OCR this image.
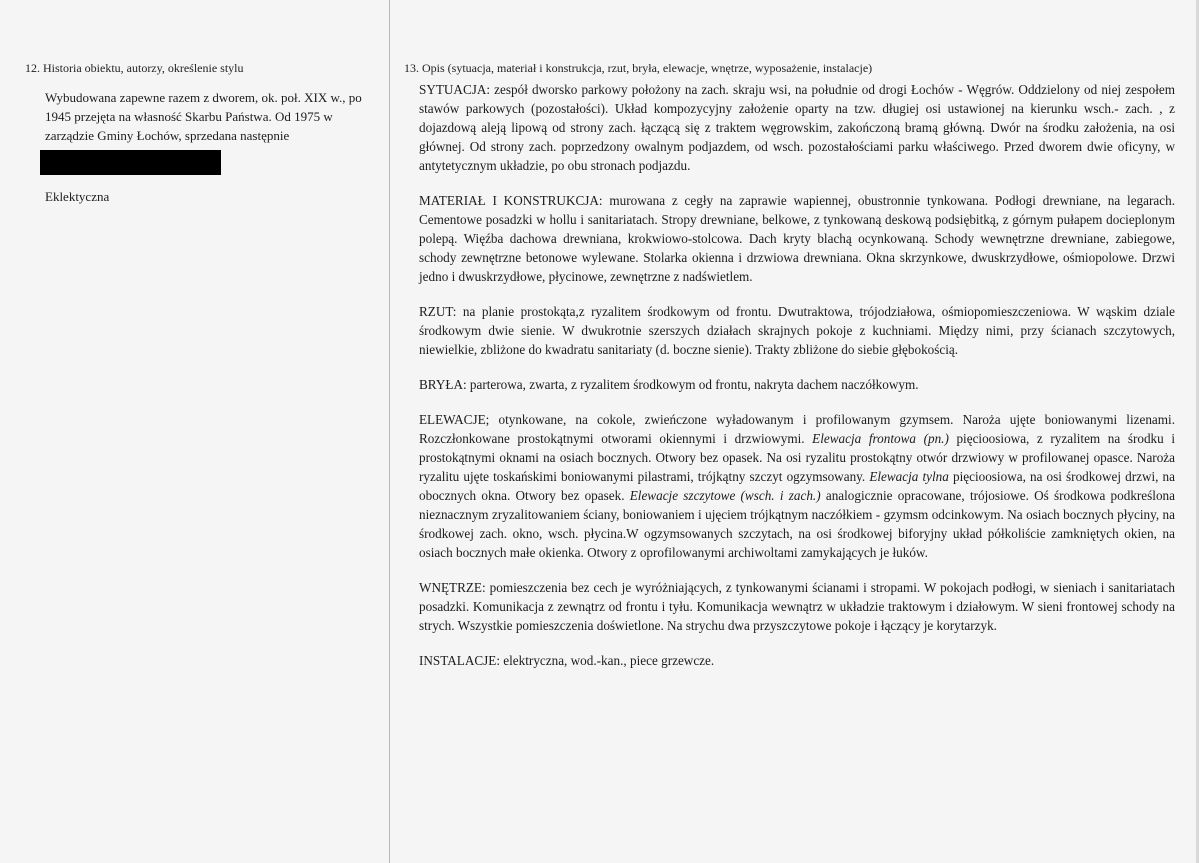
12. Historia obiektu, autorzy, określenie stylu
Wybudowana zapewne razem z dworem, ok. poł. XIX w., po 1945 przejęta na własność Skarbu Państwa. Od 1975 w zarządzie Gminy Łochów, sprzedana następnie
Eklektyczna
13. Opis (sytuacja, materiał i konstrukcja, rzut, bryła, elewacje, wnętrze, wyposażenie, instalacje)

SYTUACJA: zespół dworsko parkowy położony na zach. skraju wsi, na południe od drogi Łochów - Węgrów. Oddzielony od niej zespołem stawów parkowych (pozostałości). Układ kompozycyjny założenie oparty na tzw. długiej osi ustawionej na kierunku wsch.- zach. , z dojazdową aleją lipową od strony zach. łączącą się z traktem węgrowskim, zakończoną bramą główną. Dwór na środku założenia, na osi głównej. Od strony zach. poprzedzony owalnym podjazdem, od wsch. pozostałościami parku właściwego. Przed dworem dwie oficyny, w antytetycznym układzie, po obu stronach podjazdu.

MATERIAŁ I KONSTRUKCJA: murowana z cegły na zaprawie wapiennej, obustronnie tynkowana. Podłogi drewniane, na legarach. Cementowe posadzki w hollu i sanitariatach. Stropy drewniane, belkowe, z tynkowaną deskową podsiębitką, z górnym pułapem docieplonym polepą. Więźba dachowa drewniana, krokwiowo-stolcowa. Dach kryty blachą ocynkowaną. Schody wewnętrzne drewniane, zabiegowe, schody zewnętrzne betonowe wylewane. Stolarka okienna i drzwiowa drewniana. Okna skrzynkowe, dwuskrzydłowe, ośmiopolowe. Drzwi jedno i dwuskrzydłowe, płycinowe, zewnętrzne z nadświetlem.

RZUT: na planie prostokąta,z ryzalitem środkowym od frontu. Dwutraktowa, trójodziałowa, ośmiopomieszczeniowa. W wąskim dziale środkowym dwie sienie. W dwukrotnie szerszych działach skrajnych pokoje z kuchniami. Między nimi, przy ścianach szczytowych, niewielkie, zbliżone do kwadratu sanitariaty (d. boczne sienie). Trakty zbliżone do siebie głębokością.

BRYŁA: parterowa, zwarta, z ryzalitem środkowym od frontu, nakryta dachem naczółkowym.

ELEWACJE; otynkowane, na cokole, zwieńczone wyładowanym i profilowanym gzymsem. Naroża ujęte boniowanymi lizenami. Rozczłonkowane prostokątnymi otworami okiennymi i drzwiowymi. Elewacja frontowa (pn.) pięcioosiowa, z ryzalitem na środku i prostokątnymi oknami na osiach bocznych. Otwory bez opasek. Na osi ryzalitu prostokątny otwór drzwiowy w profilowanej opasce. Naroża ryzalitu ujęte toskańskimi boniowanymi pilastrami, trójkątny szczyt ogzymsowany. Elewacja tylna pięcioosiowa, na osi środkowej drzwi, na obocznych okna. Otwory bez opasek. Elewacje szczytowe (wsch. i zach.) analogicznie opracowane, trójosiowe. Oś środkowa podkreślona nieznacznym zryzalitowaniem ściany, boniowaniem i ujęciem trójkątnym naczółkiem - gzymsm odcinkowym. Na osiach bocznych płyciny, na środkowej zach. okno, wsch. płycina.W ogzymsowanych szczytach, na osi środkowej biforyjny układ półkoliście zamkniętych okien, na osiach bocznych małe okienka. Otwory z oprofilowanymi archiwoltami zamykających je łuków.

WNĘTRZE: pomieszczenia bez cech je wyróżniających, z tynkowanymi ścianami i stropami. W pokojach podłogi, w sieniach i sanitariatach posadzki. Komunikacja z zewnątrz od frontu i tyłu. Komunikacja wewnątrz w układzie traktowym i działowym. W sieni frontowej schody na strych. Wszystkie pomieszczenia doświetlone. Na strychu dwa przyszczytowe pokoje i łączący je korytarzyk.

INSTALACJE: elektryczna, wod.-kan., piece grzewcze.
